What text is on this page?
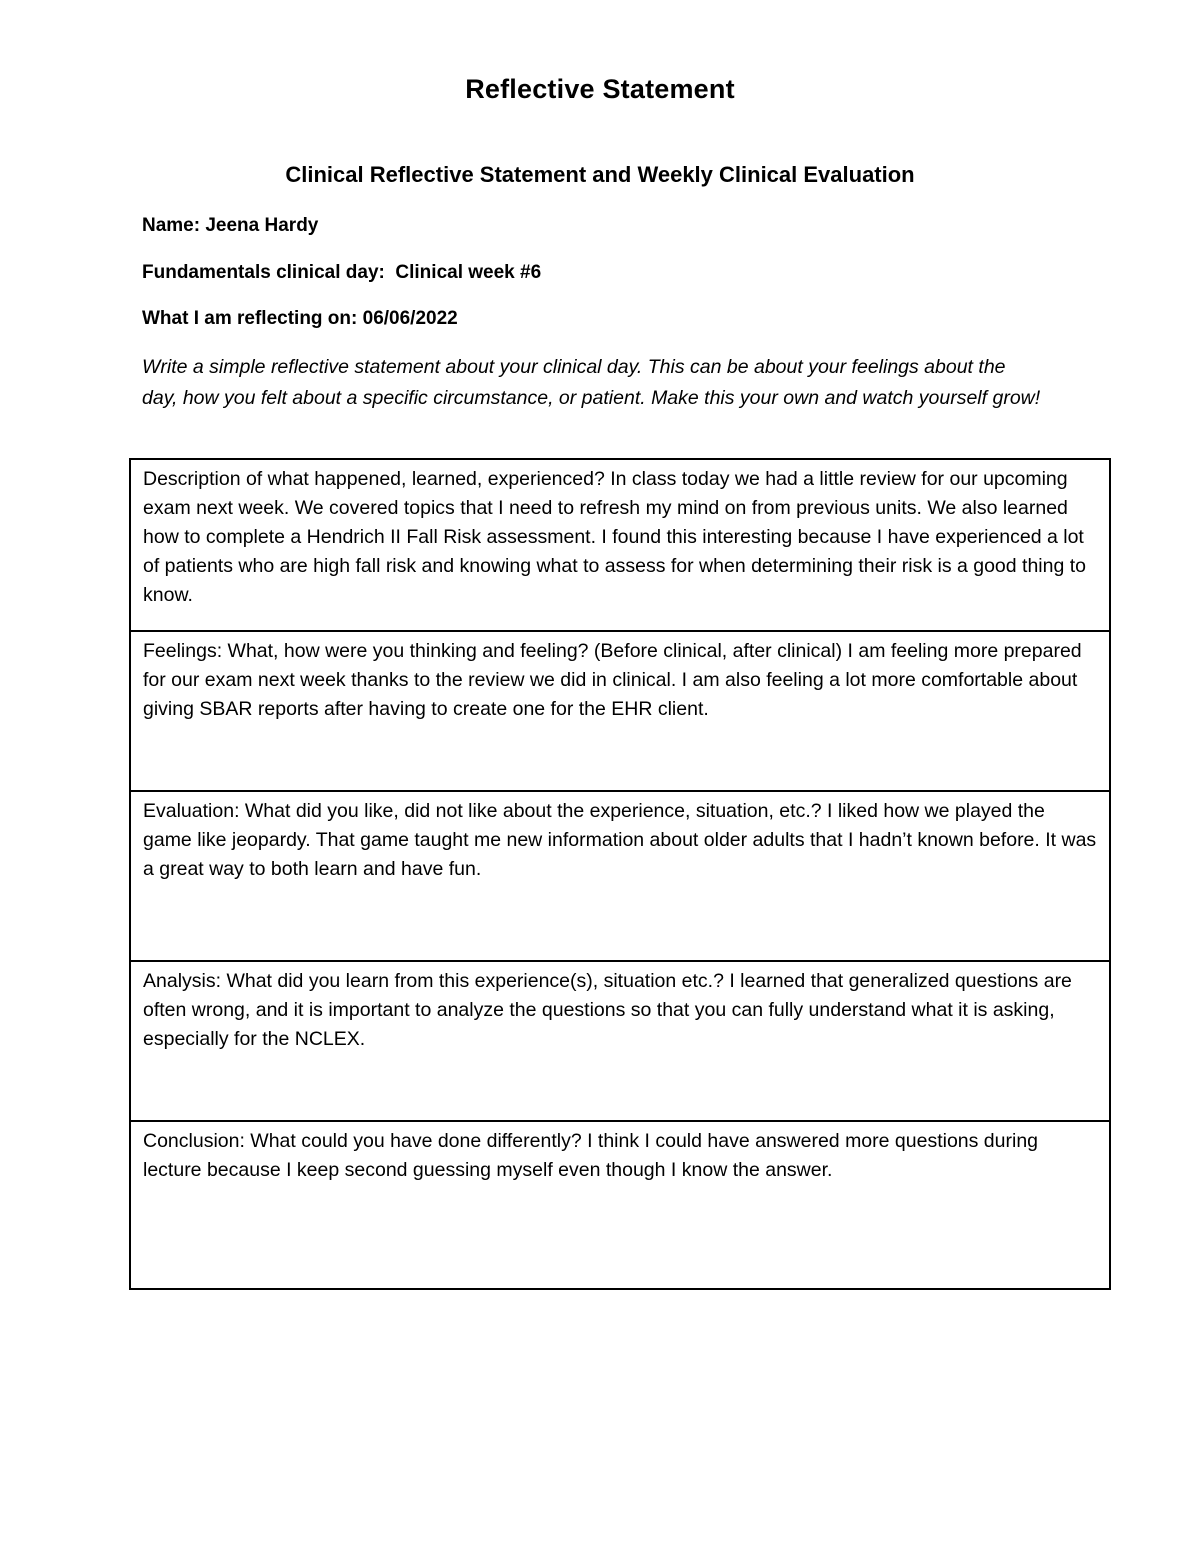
Reflective Statement
Clinical Reflective Statement and Weekly Clinical Evaluation
Name: Jeena Hardy
Fundamentals clinical day: Clinical week #6
What I am reflecting on: 06/06/2022
Write a simple reflective statement about your clinical day. This can be about your feelings about the day, how you felt about a specific circumstance, or patient. Make this your own and watch yourself grow!
Description of what happened, learned, experienced? In class today we had a little review for our upcoming exam next week. We covered topics that I need to refresh my mind on from previous units. We also learned how to complete a Hendrich II Fall Risk assessment. I found this interesting because I have experienced a lot of patients who are high fall risk and knowing what to assess for when determining their risk is a good thing to know.
Feelings: What, how were you thinking and feeling? (Before clinical, after clinical) I am feeling more prepared for our exam next week thanks to the review we did in clinical. I am also feeling a lot more comfortable about giving SBAR reports after having to create one for the EHR client.
Evaluation: What did you like, did not like about the experience, situation, etc.? I liked how we played the game like jeopardy. That game taught me new information about older adults that I hadn’t known before. It was a great way to both learn and have fun.
Analysis: What did you learn from this experience(s), situation etc.? I learned that generalized questions are often wrong, and it is important to analyze the questions so that you can fully understand what it is asking, especially for the NCLEX.
Conclusion: What could you have done differently? I think I could have answered more questions during lecture because I keep second guessing myself even though I know the answer.
